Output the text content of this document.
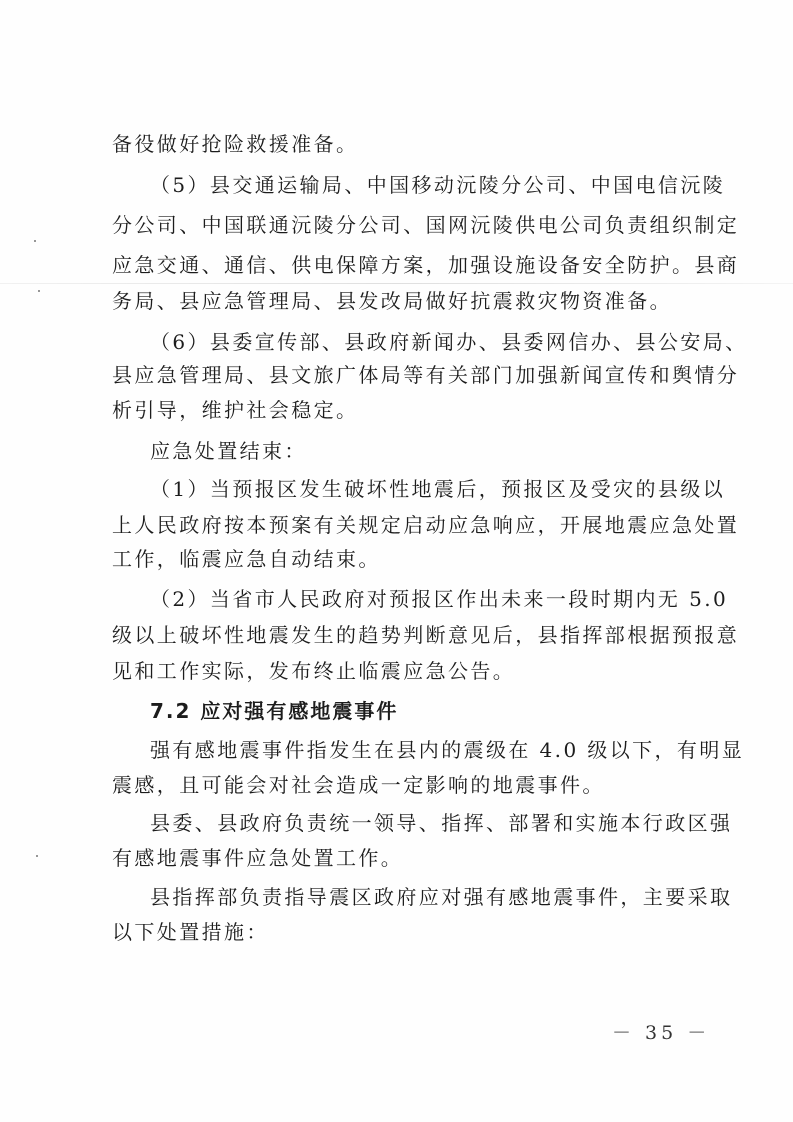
备役做好抢险救援准备。
（5）县交通运输局、中国移动沅陵分公司、中国电信沅陵
分公司、中国联通沅陵分公司、国网沅陵供电公司负责组织制定
应急交通、通信、供电保障方案，加强设施设备安全防护。县商
务局、县应急管理局、县发改局做好抗震救灾物资准备。
（6）县委宣传部、县政府新闻办、县委网信办、县公安局、
县应急管理局、县文旅广体局等有关部门加强新闻宣传和舆情分
析引导，维护社会稳定。
应急处置结束：
（1）当预报区发生破坏性地震后，预报区及受灾的县级以
上人民政府按本预案有关规定启动应急响应，开展地震应急处置
工作，临震应急自动结束。
（2）当省市人民政府对预报区作出未来一段时期内无 5.0
级以上破坏性地震发生的趋势判断意见后，县指挥部根据预报意
见和工作实际，发布终止临震应急公告。
7.2 应对强有感地震事件
强有感地震事件指发生在县内的震级在 4.0 级以下，有明显
震感，且可能会对社会造成一定影响的地震事件。
县委、县政府负责统一领导、指挥、部署和实施本行政区强
有感地震事件应急处置工作。
县指挥部负责指导震区政府应对强有感地震事件，主要采取
以下处置措施：
－ 35 －
